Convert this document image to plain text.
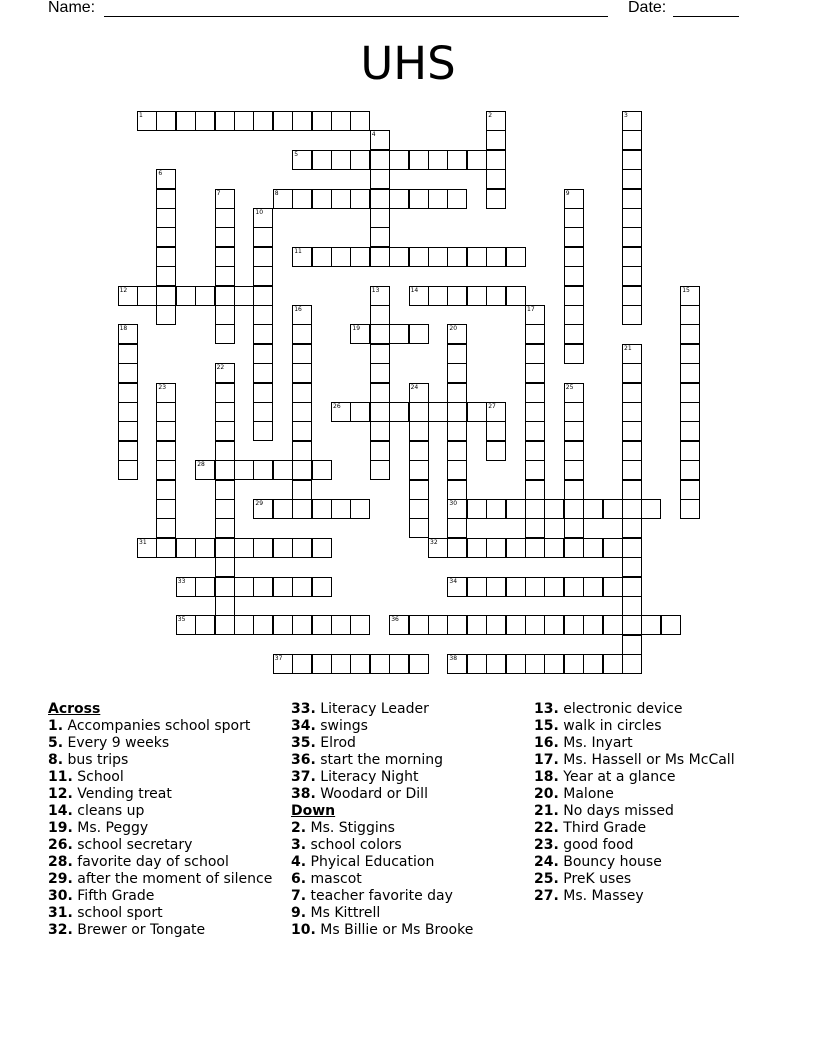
Name:	Date:
UHS
1	2	3
4
5
6
7	8	9
10
11
12	13	14	15
16	17
18	19	20
30
21
22
23	24	25
26	27
28
29
31	32
33	34
35	36
37	38

Across

1. Accompanies school sport

5. Every 9 weeks

8. bus trips

11. School

12. Vending treat

14. cleans up

19. Ms. Peggy

26. school secretary

28. favorite day of school

29. after the moment of silence

30. Fifth Grade

31. school sport

32. Brewer or Tongate

33. Literacy Leader

34. swings

35. Elrod

36. start the morning

37. Literacy Night

38. Woodard or Dill

Down

2. Ms. Stiggins

3. school colors

4. Phyical Education

6. mascot

7. teacher favorite day

9. Ms Kittrell

10. Ms Billie or Ms Brooke

13. electronic device

15. walk in circles

16. Ms. Inyart

17. Ms. Hassell or Ms McCall

18. Year at a glance

20. Malone

21. No days missed

22. Third Grade

23. good food

24. Bouncy house

25. PreK uses

27. Ms. Massey
